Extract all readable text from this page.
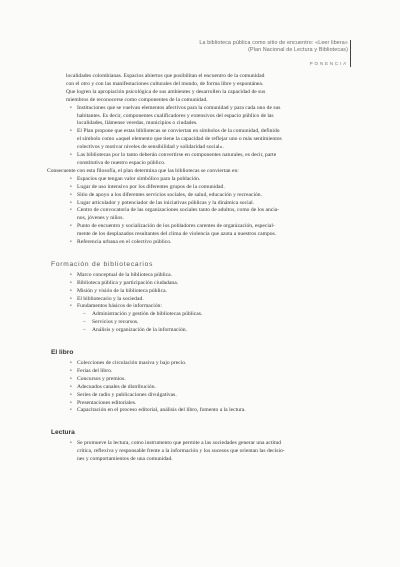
La biblioteca pública como sitio de encuentro: «Leer libera»
(Plan Nacional de Lectura y Bibliotecas)
PONENCIA

localidades colombianas. Espacios abiertos que posibilitan el encuentro de la comunidad

con el otro y con las manifestaciones culturales del mundo, de forma libre y espontánea.

Que logren la apropiación psicológica de sus ambientes y desarrollen la capacidad de sus

miembros de reconocerse como componentes de la comunidad.

• Instituciones que se vuelvan elementos afectivos para la comunidad y para cada uno de sus
habitantes. Es decir, componentes cualificadores y extensivos del espacio público de las
localidades, llámense veredas, municipios o ciudades.
• El Plan propone que estas bibliotecas se conviertan en símbolos de la comunidad, definido
el símbolo como «aquel elemento que tiene la capacidad de reflejar uno o más sentimientos
colectivos y motivar niveles de sensibilidad y solidaridad social».
• Las bibliotecas por lo tanto deberán convertirse en componentes naturales, es decir, parte
constitutiva de nuestro espacio público.

Consecuente con esta filosofía, el plan determina que las bibliotecas se conviertan en:

• Espacios que tengan valor simbólico para la población.
• Lugar de uso intensivo por los diferentes grupos de la comunidad.
• Sitio de apoyo a los diferentes servicios sociales, de salud, educación y recreación.
• Lugar articulador y potenciador de las iniciativas públicas y la dinámica social.
• Centro de convocatoria de las organizaciones sociales tanto de adultos, como de los ancia-
nos, jóvenes y niños.
• Punto de encuentro y socialización de los pobladores carentes de organización, especial-
mente de los desplazados resultantes del clima de violencia que azota a nuestros campos.
• Referencia urbana en el colectivo público.
Formación de bibliotecarios
• Marco conceptual de la biblioteca pública.
• Biblioteca pública y participación ciudadana.
• Misión y visión de la biblioteca pública.
• El bibliotecario y la sociedad.
• Fundamentos básicos de información:
– Administración y gestión de bibliotecas públicas.
– Servicios y recursos.
– Análisis y organización de la información.
El libro
• Colecciones de circulación masiva y bajo precio.
• Ferias del libro.
• Concursos y premios.
• Adecuados canales de distribución.
• Series de radio y publicaciones divulgativas.
• Presentaciones editoriales.
• Capacitación en el proceso editorial, análisis del libro, fomento a la lectura.
Lectura
• Se promueve la lectura, como instrumento que permite a las sociedades generar una actitud
crítica, reflexiva y responsable frente a la información y los sucesos que orientan las decisio-
nes y comportamientos de una comunidad.
